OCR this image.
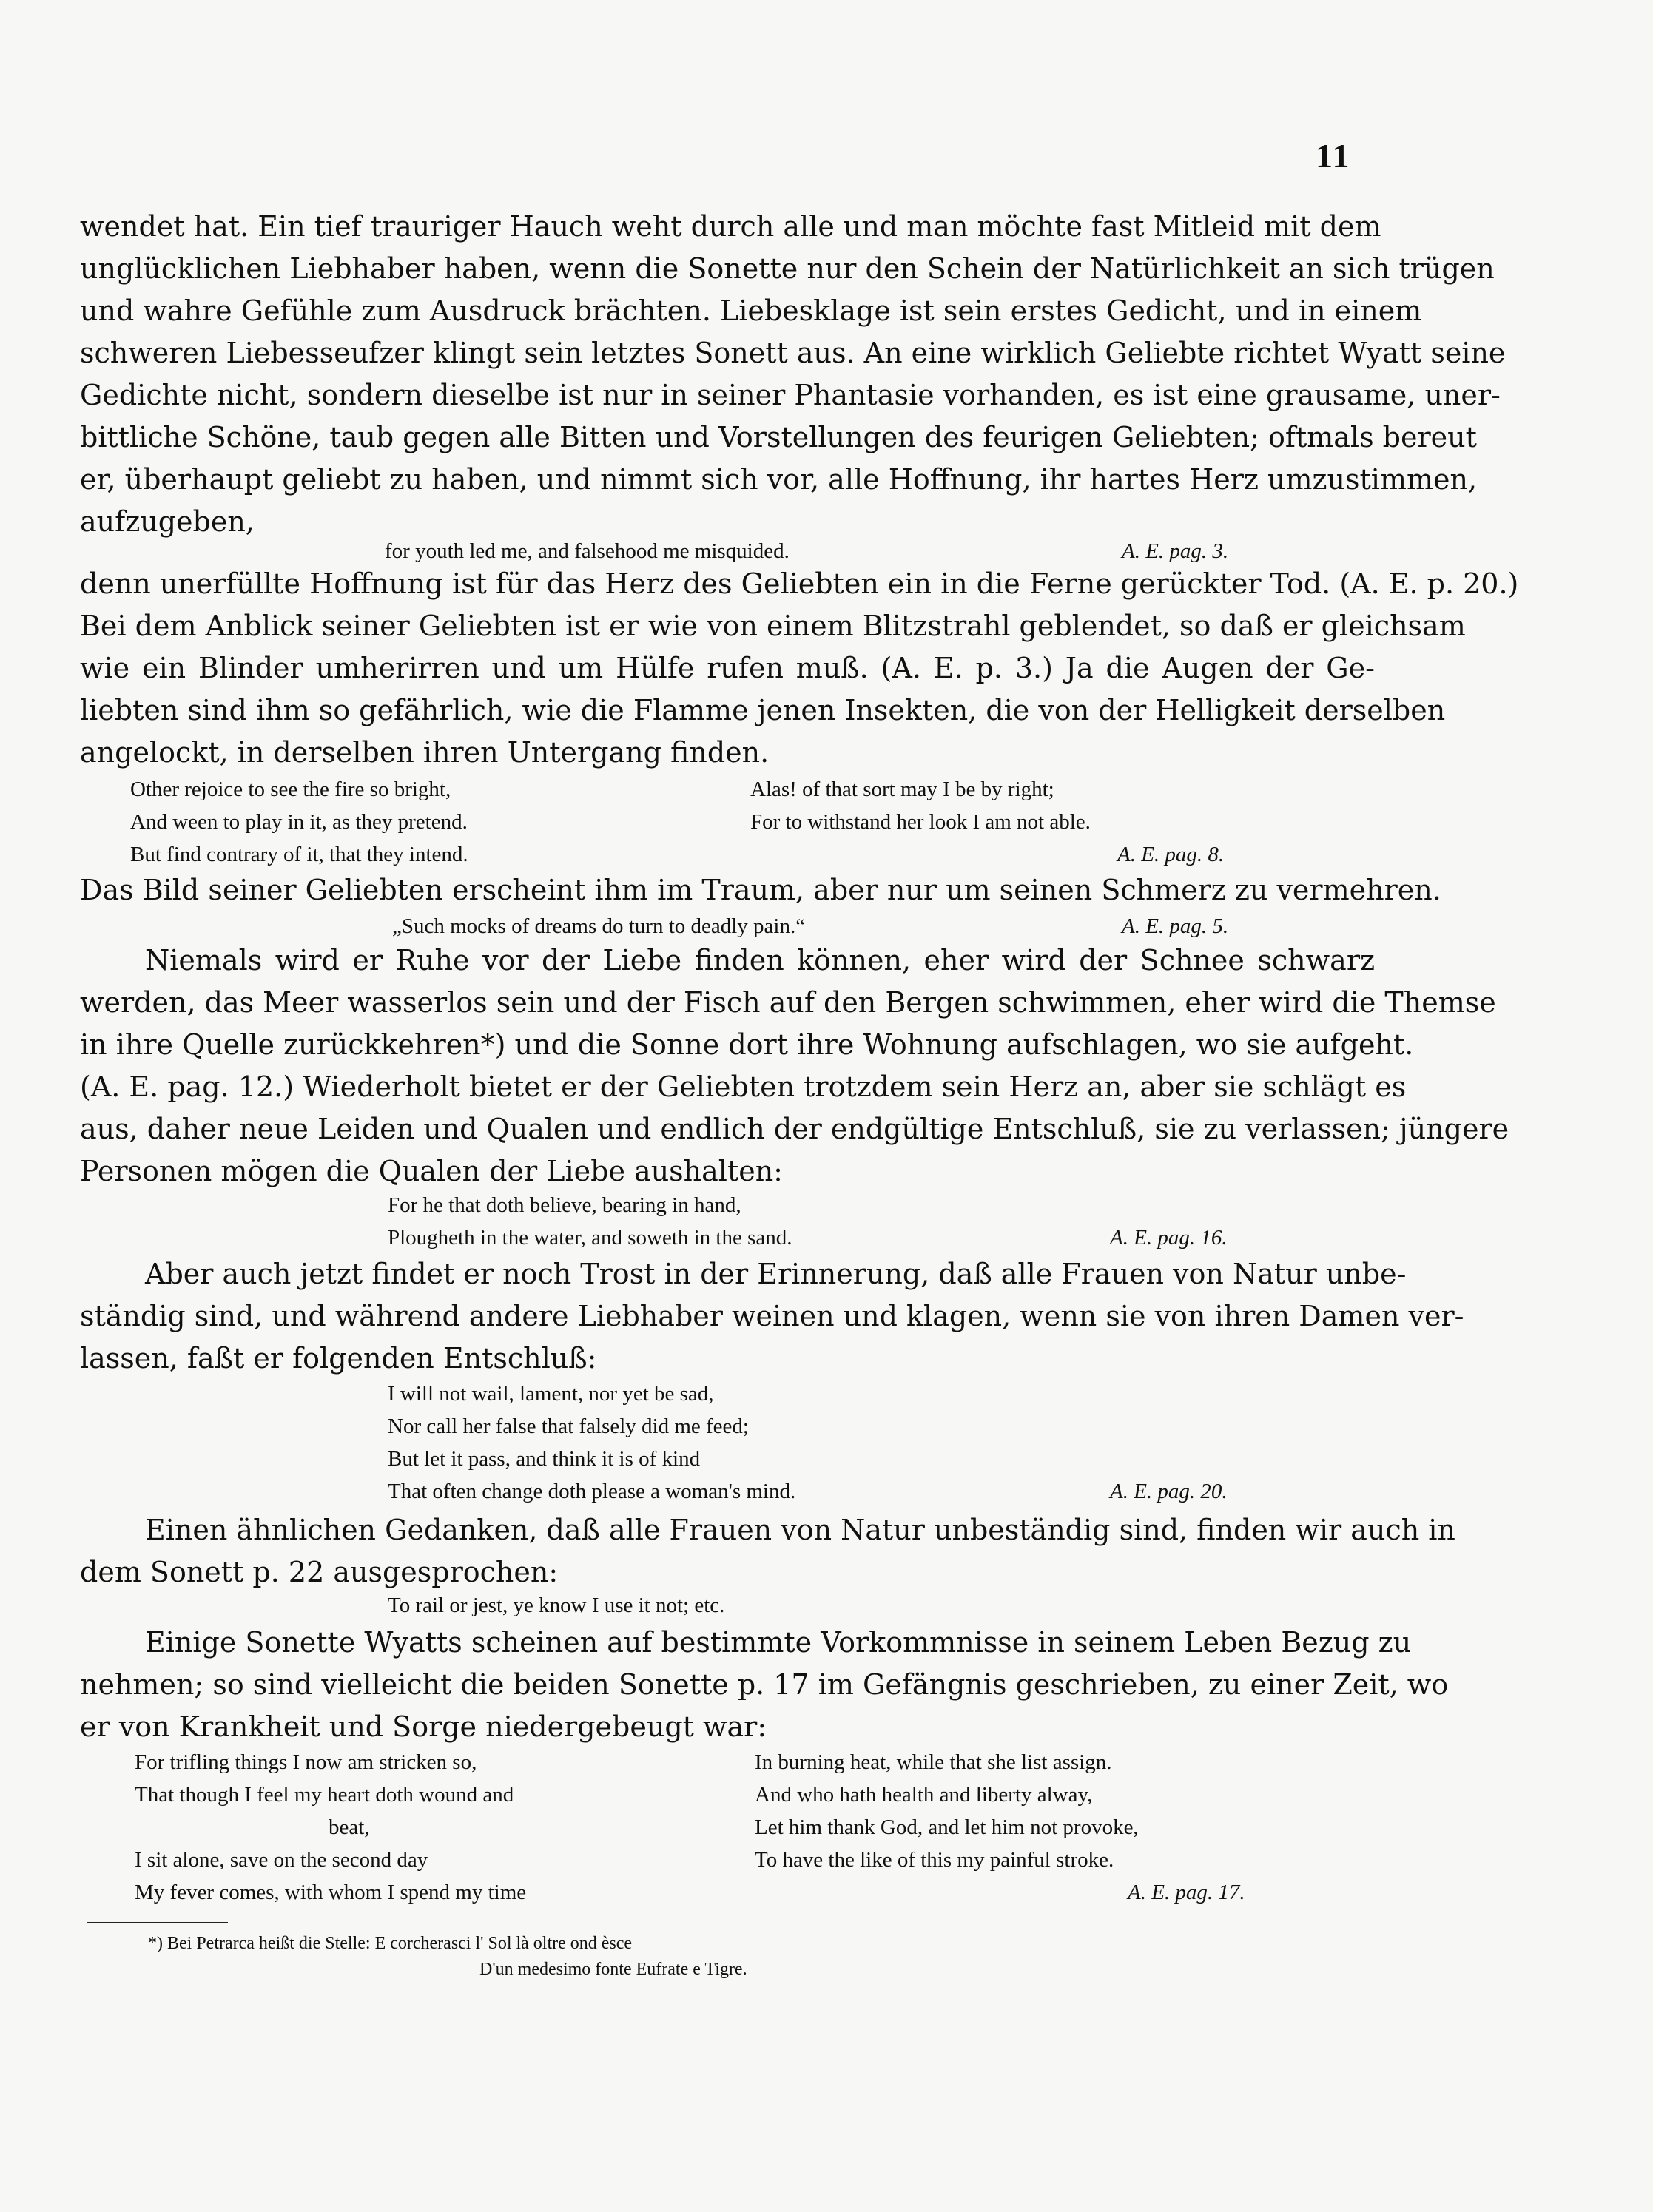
11
wendet hat. Ein tief trauriger Hauch weht durch alle und man möchte fast Mitleid mit dem
unglücklichen Liebhaber haben, wenn die Sonette nur den Schein der Natürlichkeit an sich trügen
und wahre Gefühle zum Ausdruck brächten. Liebesklage ist sein erstes Gedicht, und in einem
schweren Liebesseufzer klingt sein letztes Sonett aus. An eine wirklich Geliebte richtet Wyatt seine
Gedichte nicht, sondern dieselbe ist nur in seiner Phantasie vorhanden, es ist eine grausame, uner-
bittliche Schöne, taub gegen alle Bitten und Vorstellungen des feurigen Geliebten; oftmals bereut
er, überhaupt geliebt zu haben, und nimmt sich vor, alle Hoffnung, ihr hartes Herz umzustimmen,
aufzugeben,
for youth led me, and falsehood me misquided.	A. E. pag. 3.
denn unerfüllte Hoffnung ist für das Herz des Geliebten ein in die Ferne gerückter Tod. (A. E. p. 20.)
Bei dem Anblick seiner Geliebten ist er wie von einem Blitzstrahl geblendet, so daß er gleichsam
wie ein Blinder umherirren und um Hülfe rufen muß. (A. E. p. 3.) Ja die Augen der Ge-
liebten sind ihm so gefährlich, wie die Flamme jenen Insekten, die von der Helligkeit derselben
angelockt, in derselben ihren Untergang finden.
Other rejoice to see the fire so bright,
And ween to play in it, as they pretend.
But find contrary of it, that they intend.
Alas! of that sort may I be by right;
For to withstand her look I am not able.
A. E. pag. 8.
Das Bild seiner Geliebten erscheint ihm im Traum, aber nur um seinen Schmerz zu vermehren.
„Such mocks of dreams do turn to deadly pain.“	A. E. pag. 5.
Niemals wird er Ruhe vor der Liebe finden können, eher wird der Schnee schwarz
werden, das Meer wasserlos sein und der Fisch auf den Bergen schwimmen, eher wird die Themse
in ihre Quelle zurückkehren*) und die Sonne dort ihre Wohnung aufschlagen, wo sie aufgeht.
(A. E. pag. 12.) Wiederholt bietet er der Geliebten trotzdem sein Herz an, aber sie schlägt es
aus, daher neue Leiden und Qualen und endlich der endgültige Entschluß, sie zu verlassen; jüngere
Personen mögen die Qualen der Liebe aushalten:
For he that doth believe, bearing in hand,
Plougheth in the water, and soweth in the sand.	A. E. pag. 16.
Aber auch jetzt findet er noch Trost in der Erinnerung, daß alle Frauen von Natur unbe-
ständig sind, und während andere Liebhaber weinen und klagen, wenn sie von ihren Damen ver-
lassen, faßt er folgenden Entschluß:
I will not wail, lament, nor yet be sad,
Nor call her false that falsely did me feed;
But let it pass, and think it is of kind
That often change doth please a woman's mind.	A. E. pag. 20.
Einen ähnlichen Gedanken, daß alle Frauen von Natur unbeständig sind, finden wir auch in
dem Sonett p. 22 ausgesprochen:
To rail or jest, ye know I use it not; etc.
Einige Sonette Wyatts scheinen auf bestimmte Vorkommnisse in seinem Leben Bezug zu
nehmen; so sind vielleicht die beiden Sonette p. 17 im Gefängnis geschrieben, zu einer Zeit, wo
er von Krankheit und Sorge niedergebeugt war:
For trifling things I now am stricken so,
That though I feel my heart doth wound and
beat,
I sit alone, save on the second day
My fever comes, with whom I spend my time
In burning heat, while that she list assign.
And who hath health and liberty alway,
Let him thank God, and let him not provoke,
To have the like of this my painful stroke.
A. E. pag. 17.
*) Bei Petrarca heißt die Stelle: E corcherasci l' Sol là oltre ond èsce
D'un medesimo fonte Eufrate e Tigre.
